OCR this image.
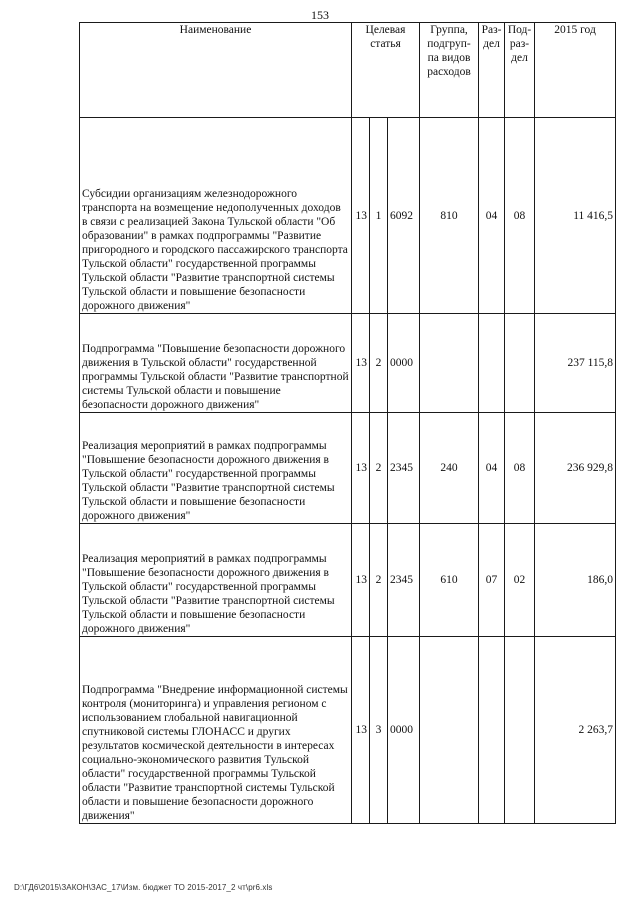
153
Наименование	Целевая статья			Группа, подгруп-па видов расходов	Раз-дел	Под-раз-дел	2015 год
Субсидии организациям железнодорожного транспорта на возмещение недополученных доходов в связи с реализацией Закона Тульской области "Об образовании" в рамках подпрограммы "Развитие пригородного и городского пассажирского транспорта Тульской области" государственной программы Тульской области "Развитие транспортной системы Тульской области и повышение безопасности дорожного движения"	13	1	6092	810	04	08	11 416,5
Подпрограмма "Повышение безопасности дорожного движения в Тульской области" государственной программы Тульской области "Развитие транспортной системы Тульской области и повышение безопасности дорожного движения"	13	2	0000				237 115,8
Реализация мероприятий в рамках подпрограммы "Повышение безопасности дорожного движения в Тульской области" государственной программы Тульской области "Развитие транспортной системы Тульской области и повышение безопасности дорожного движения"	13	2	2345	240	04	08	236 929,8
Реализация мероприятий в рамках подпрограммы "Повышение безопасности дорожного движения в Тульской области" государственной программы Тульской области "Развитие транспортной системы Тульской области и повышение безопасности дорожного движения"	13	2	2345	610	07	02	186,0
Подпрограмма "Внедрение информационной системы контроля (мониторинга) и управления регионом с использованием глобальной навигационной спутниковой системы ГЛОНАСС и других результатов космической деятельности в интересах социально-экономического развития Тульской области" государственной программы Тульской области "Развитие транспортной системы Тульской области и повышение безопасности дорожного движения"	13	3	0000				2 263,7
D:\ГД6\2015\ЗАКОН\ЗАС_17\Изм. бюджет ТО 2015-2017_2 чт\pr6.xls
